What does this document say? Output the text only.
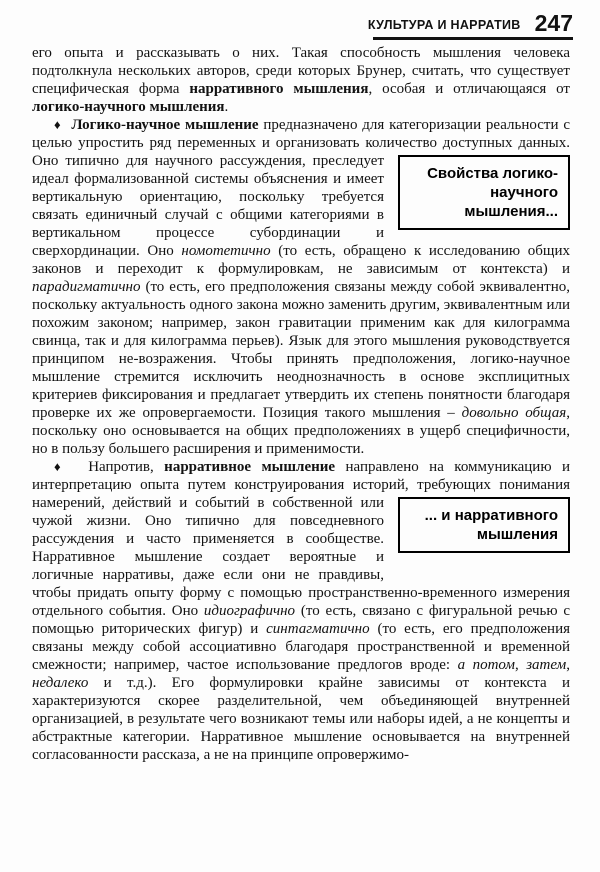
КУЛЬТУРА И НАРРАТИВ 247

его опыта и рассказывать о них. Такая способность мышления человека подтолкнула нескольких авторов, среди которых Брунер, считать, что существует специфическая форма нарративного мышления, особая и отличающаяся от логико-научного мышления.

♦ Логико-научное мышление предназначено для категоризации реальности с целью упростить ряд переменных и организовать количество доступных данных.
Свойства логико-научного мышления...
Оно типично для научного рассуждения, преследует идеал формализованной системы объяснения и имеет вертикальную ориентацию, поскольку требуется связать единичный случай с общими категориями в вертикальном процессе субординации и сверхординации. Оно номотетично (то есть, обращено к исследованию общих законов и переходит к формулировкам, не зависимым от контекста) и парадигматично (то есть, его предположения связаны между собой эквивалентно, поскольку актуальность одного закона можно заменить другим, эквивалентным или похожим законом; например, закон гравитации применим как для килограмма свинца, так и для килограмма перьев). Язык для этого мышления руководствуется принципом не-возражения. Чтобы принять предположения, логико-научное мышление стремится исключить неоднозначность в основе эксплицитных критериев фиксирования и предлагает утвердить их степень понятности благодаря проверке их же опровергаемости. Позиция такого мышления – довольно общая, поскольку оно основывается на общих предположениях в ущерб специфичности, но в пользу большего расширения и применимости.

♦  Напротив, нарративное мышление направлено на коммуникацию и интерпретацию опыта путем конструирования историй, требующих
... и нарративного мышления
понимания намерений, действий и событий в собственной или чужой жизни. Оно типично для повседневного рассуждения и часто применяется в сообществе. Нарративное мышление создает вероятные и логичные нарративы, даже если они не правдивы, чтобы придать опыту форму с помощью пространственно-временного измерения отдельного события. Оно идиографично (то есть, связано с фигуральной речью с помощью риторических фигур) и синтагматично (то есть, его предположения связаны между собой ассоциативно благодаря пространственной и временной смежности; например, частое использование предлогов вроде: а потом, затем, недалеко и т.д.). Его формулировки крайне зависимы от контекста и характеризуются скорее разделительной, чем объединяющей внутренней организацией, в результате чего возникают темы или наборы идей, а не концепты и абстрактные категории. Нарративное мышление основывается на внутренней согласованности рассказа, а не на принципе опровержимо-
